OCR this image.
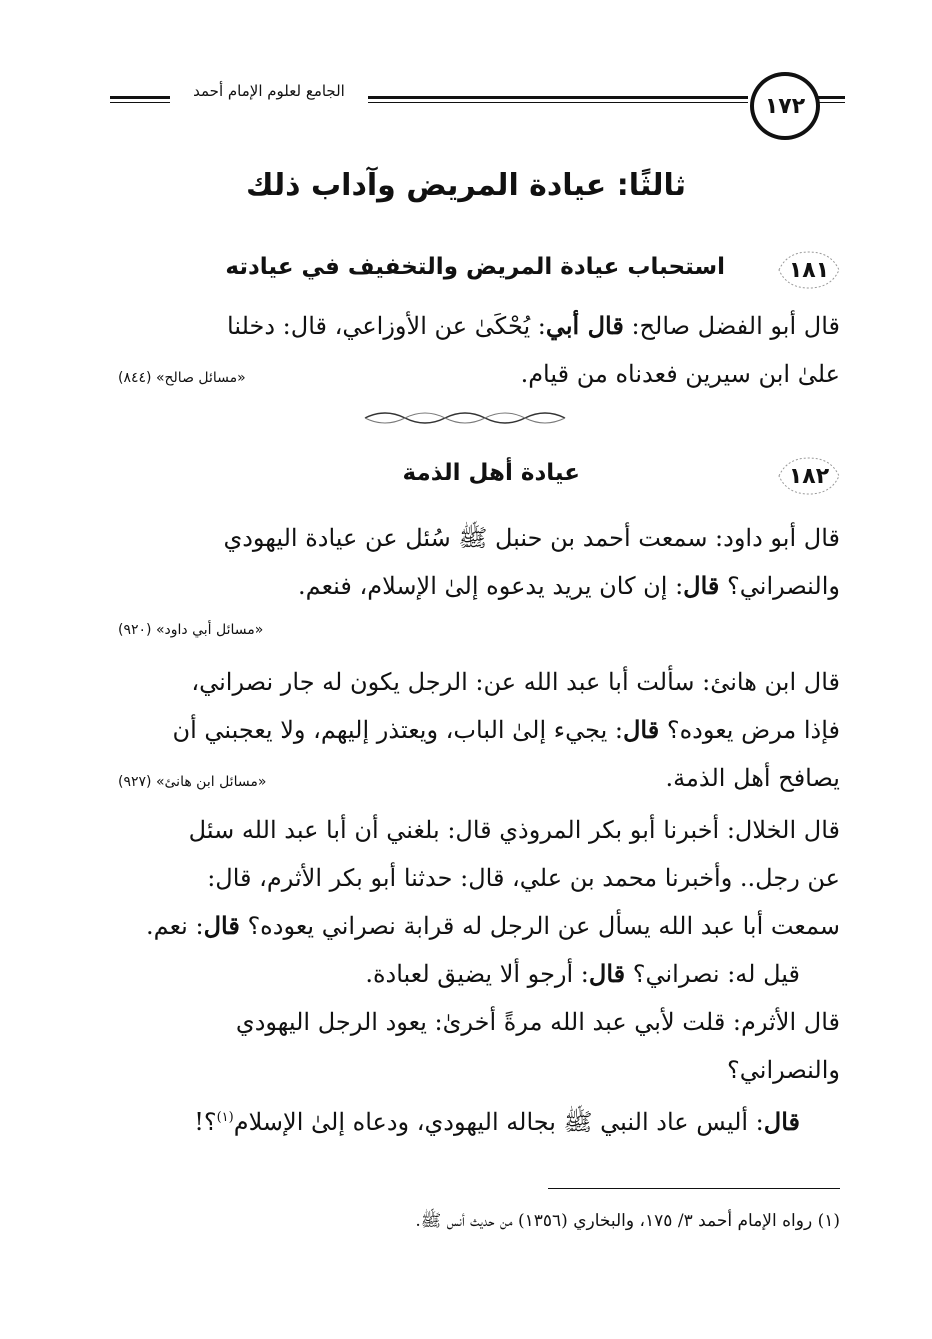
الجامع لعلوم الإمام أحمد
١٧٢
ثالثًا: عيادة المريض وآداب ذلك
١٨١
استحباب عيادة المريض والتخفيف في عيادته
قال أبو الفضل صالح: قال أبي: يُحْكَىٰ عن الأوزاعي، قال: دخلنا
علىٰ ابن سيرين فعدناه من قيام.
«مسائل صالح» (٨٤٤)
١٨٢
عيادة أهل الذمة
قال أبو داود: سمعت أحمد بن حنبل ﷺ سُئل عن عيادة اليهودي
والنصراني؟ قال: إن كان يريد يدعوه إلىٰ الإسلام، فنعم.
«مسائل أبي داود» (٩٢٠)
قال ابن هانئ: سألت أبا عبد الله عن: الرجل يكون له جار نصراني،
فإذا مرض يعوده؟ قال: يجيء إلىٰ الباب، ويعتذر إليهم، ولا يعجبني أن
يصافح أهل الذمة.
«مسائل ابن هانئ» (٩٢٧)
قال الخلال: أخبرنا أبو بكر المروذي قال: بلغني أن أبا عبد الله سئل
عن رجل.. وأخبرنا محمد بن علي، قال: حدثنا أبو بكر الأثرم، قال:
سمعت أبا عبد الله يسأل عن الرجل له قرابة نصراني يعوده؟ قال: نعم.
قيل له: نصراني؟ قال: أرجو ألا يضيق لعبادة.
قال الأثرم: قلت لأبي عبد الله مرةً أخرىٰ: يعود الرجل اليهودي
والنصراني؟
قال: أليس عاد النبي ﷺ بجاله اليهودي، ودعاه إلىٰ الإسلام$^{(١)}$؟!
(١) رواه الإمام أحمد ٣/ ١٧٥، والبخاري (١٣٥٦) من حديث أنس ﷺ.
